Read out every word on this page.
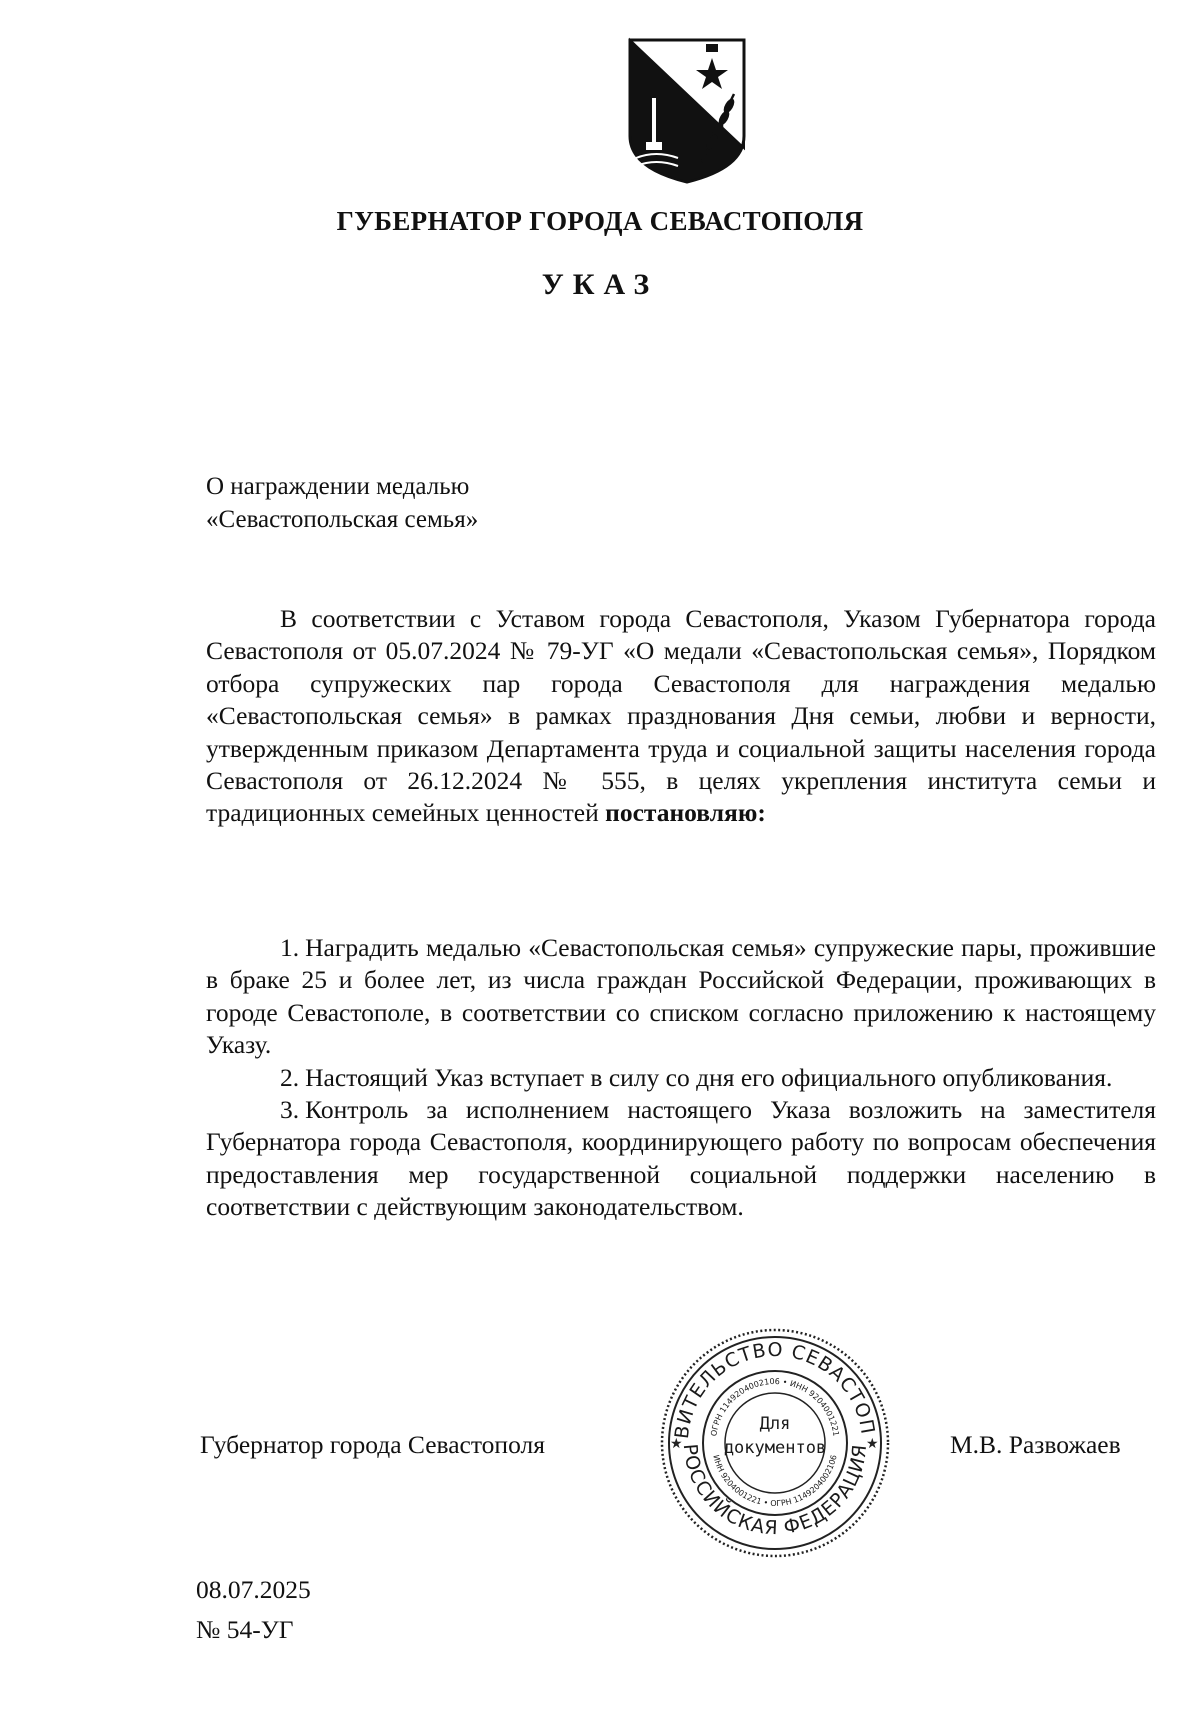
ГУБЕРНАТОР ГОРОДА СЕВАСТОПОЛЯ
УКАЗ
О награждении медалью
«Севастопольская семья»

В соответствии с Уставом города Севастополя, Указом Губернатора города Севастополя от 05.07.2024 № 79-УГ «О медали «Севастопольская семья», Порядком отбора супружеских пар города Севастополя для награждения медалью «Севастопольская семья» в рамках празднования Дня семьи, любви и верности, утвержденным приказом Департамента труда и социальной защиты населения города Севастополя от 26.12.2024 № 555, в целях укрепления института семьи и традиционных семейных ценностей постановляю:

1. Наградить медалью «Севастопольская семья» супружеские пары, прожившие в браке 25 и более лет, из числа граждан Российской Федерации, проживающих в городе Севастополе, в соответствии со списком согласно приложению к настоящему Указу.

2. Настоящий Указ вступает в силу со дня его официального опубликования.

3. Контроль за исполнением настоящего Указа возложить на заместителя Губернатора города Севастополя, координирующего работу по вопросам обеспечения предоставления мер государственной социальной поддержки населению в соответствии с действующим законодательством.

Губернатор города Севастополя	ВИТЕЛЬСТВО СЕВАСТОП
РОССИЙСКАЯ ФЕДЕРАЦИЯ
ОГРН 1149204002106 • ИНН 9204001221
ИНН 9204001221 • ОГРН 1149204002106
★	★
Для
документов	М.В. Развожаев
08.07.2025
№ 54-УГ
